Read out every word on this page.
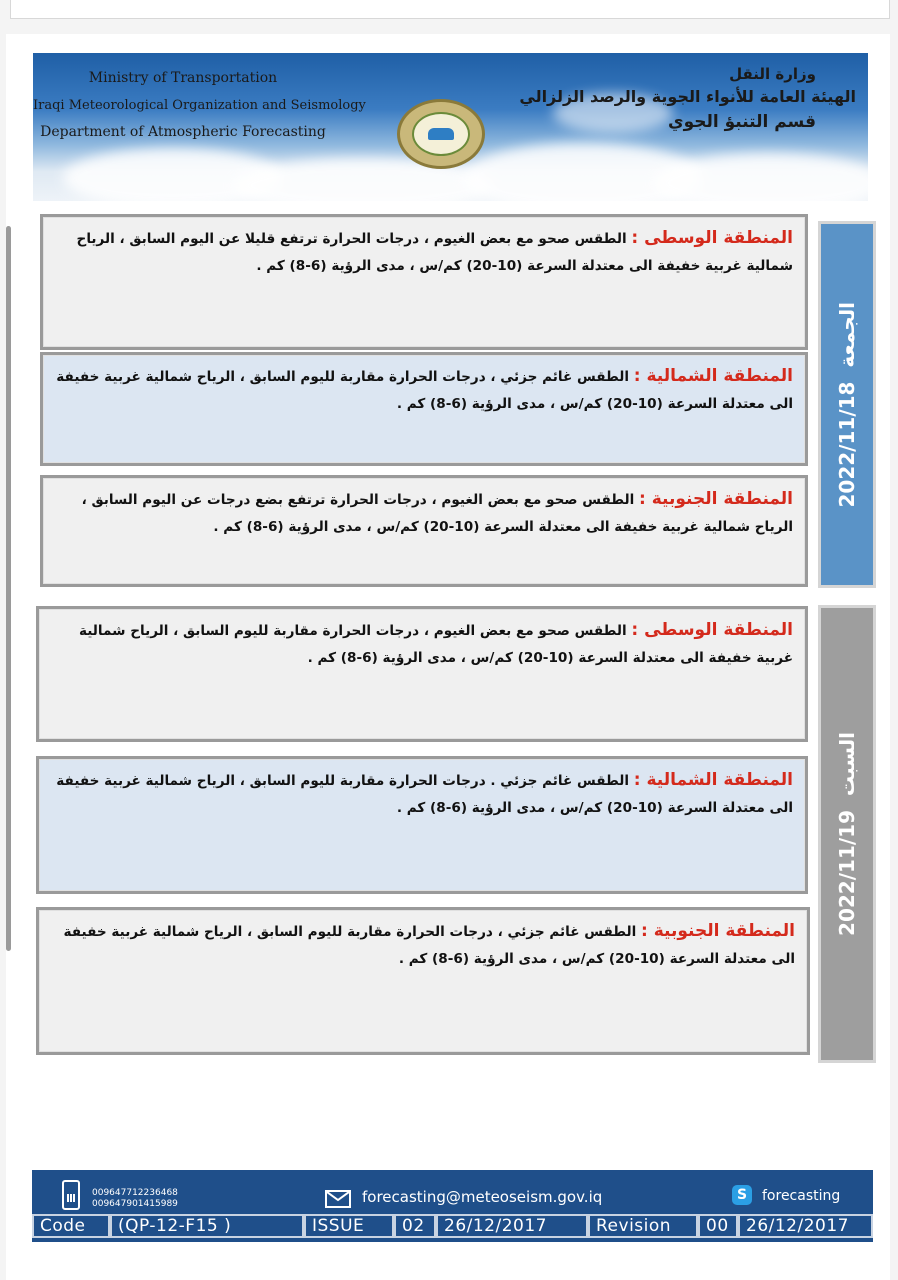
Ministry of Transportation
Iraqi Meteorological Organization and Seismology
Department of Atmospheric Forecasting
وزارة النقل
الهيئة العامة للأنواء الجوية والرصد الزلزالي
قسم التنبؤ الجوي
2022/11/18  الجمعة
2022/11/19  السبت
المنطقة الوسطى : الطقس صحو مع بعض الغيوم ، درجات الحرارة ترتفع قليلا عن اليوم السابق ، الرياح شمالية غربية خفيفة الى معتدلة السرعة (10-20) كم/س ، مدى الرؤية (6-8) كم .
المنطقة الشمالية : الطقس غائم جزئي ، درجات الحرارة مقاربة لليوم السابق ، الرياح شمالية غربية خفيفة الى معتدلة السرعة (10-20) كم/س ، مدى الرؤية (6-8) كم .
المنطقة الجنوبية : الطقس صحو مع بعض الغيوم ، درجات الحرارة ترتفع بضع درجات عن اليوم السابق ، الرياح شمالية غربية خفيفة الى معتدلة السرعة (10-20) كم/س ، مدى الرؤية (6-8) كم .
المنطقة الوسطى : الطقس صحو مع بعض الغيوم ، درجات الحرارة مقاربة لليوم السابق ، الرياح شمالية غربية خفيفة الى معتدلة السرعة (10-20) كم/س ، مدى الرؤية (6-8) كم .
المنطقة الشمالية : الطقس غائم جزئي . درجات الحرارة مقاربة لليوم السابق ، الرياح شمالية غربية خفيفة الى معتدلة السرعة (10-20) كم/س ، مدى الرؤية (6-8) كم .
المنطقة الجنوبية : الطقس غائم جزئي ، درجات الحرارة مقاربة لليوم السابق ، الرياح شمالية غربية خفيفة الى معتدلة السرعة (10-20) كم/س ، مدى الرؤية (6-8) كم .
009647712236468
009647901415989	forecasting@meteoseism.gov.iq	S	forecasting
Code	(QP-12-F15 )	ISSUE	02	26/12/2017	Revision	00	26/12/2017
